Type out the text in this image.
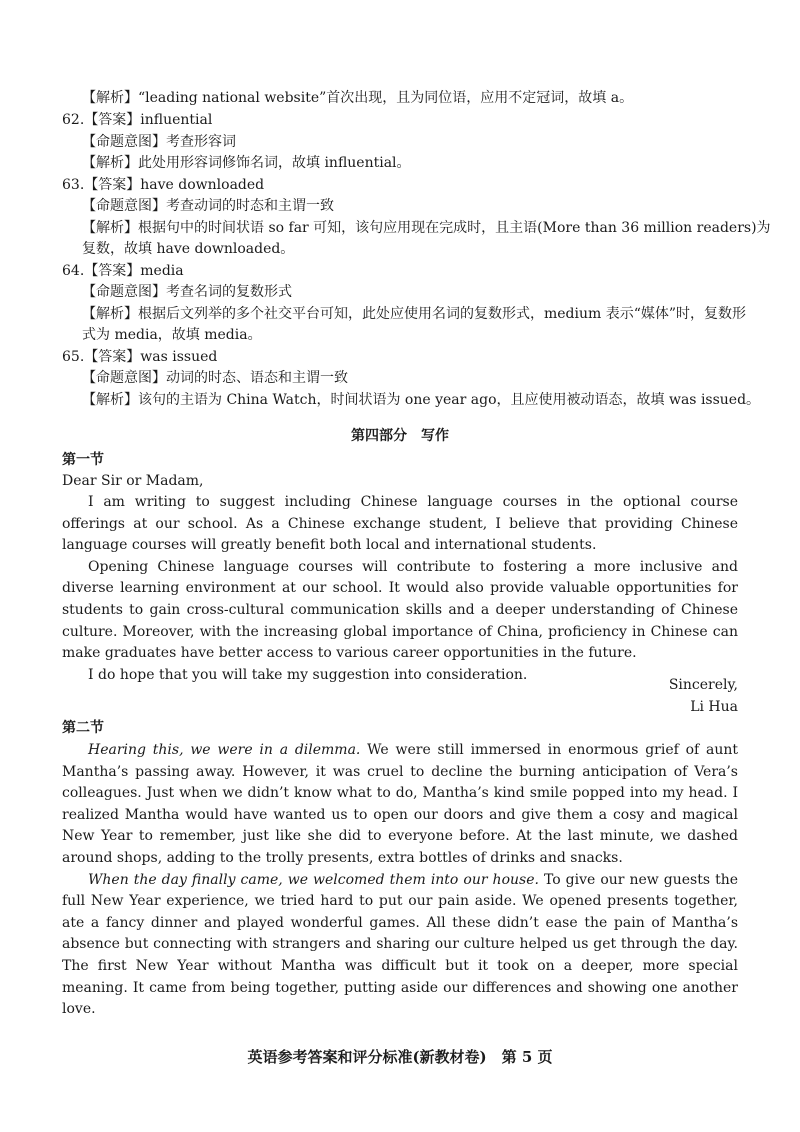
【解析】“leading national website”首次出现，且为同位语，应用不定冠词，故填 a。
62.【答案】influential
【命题意图】考查形容词
【解析】此处用形容词修饰名词，故填 influential。
63.【答案】have downloaded
【命题意图】考查动词的时态和主谓一致
【解析】根据句中的时间状语 so far 可知，该句应用现在完成时，且主语(More than 36 million readers)为
复数，故填 have downloaded。
64.【答案】media
【命题意图】考查名词的复数形式
【解析】根据后文列举的多个社交平台可知，此处应使用名词的复数形式，medium 表示“媒体”时，复数形
式为 media，故填 media。
65.【答案】was issued
【命题意图】动词的时态、语态和主谓一致
【解析】该句的主语为 China Watch，时间状语为 one year ago，且应使用被动语态，故填 was issued。
第四部分　写作
第一节
Dear Sir or Madam,

I am writing to suggest including Chinese language courses in the optional course offerings at our school. As a Chinese exchange student, I believe that providing Chinese language courses will greatly benefit both local and international students.

Opening Chinese language courses will contribute to fostering a more inclusive and diverse learning environment at our school. It would also provide valuable opportunities for students to gain cross-cultural communication skills and a deeper understanding of Chinese culture. Moreover, with the increasing global importance of China, proficiency in Chinese can make graduates have better access to various career opportunities in the future.

I do hope that you will take my suggestion into consideration.

Sincerely,
Li Hua
第二节

Hearing this, we were in a dilemma. We were still immersed in enormous grief of aunt Mantha’s passing away. However, it was cruel to decline the burning anticipation of Vera’s colleagues. Just when we didn’t know what to do, Mantha’s kind smile popped into my head. I realized Mantha would have wanted us to open our doors and give them a cosy and magical New Year to remember, just like she did to everyone before. At the last minute, we dashed around shops, adding to the trolly presents, extra bottles of drinks and snacks.

When the day finally came, we welcomed them into our house. To give our new guests the full New Year experience, we tried hard to put our pain aside. We opened presents together, ate a fancy dinner and played wonderful games. All these didn’t ease the pain of Mantha’s absence but connecting with strangers and sharing our culture helped us get through the day. The first New Year without Mantha was difficult but it took on a deeper, more special meaning. It came from being together, putting aside our differences and showing one another love.

英语参考答案和评分标准(新教材卷)　第 5 页
